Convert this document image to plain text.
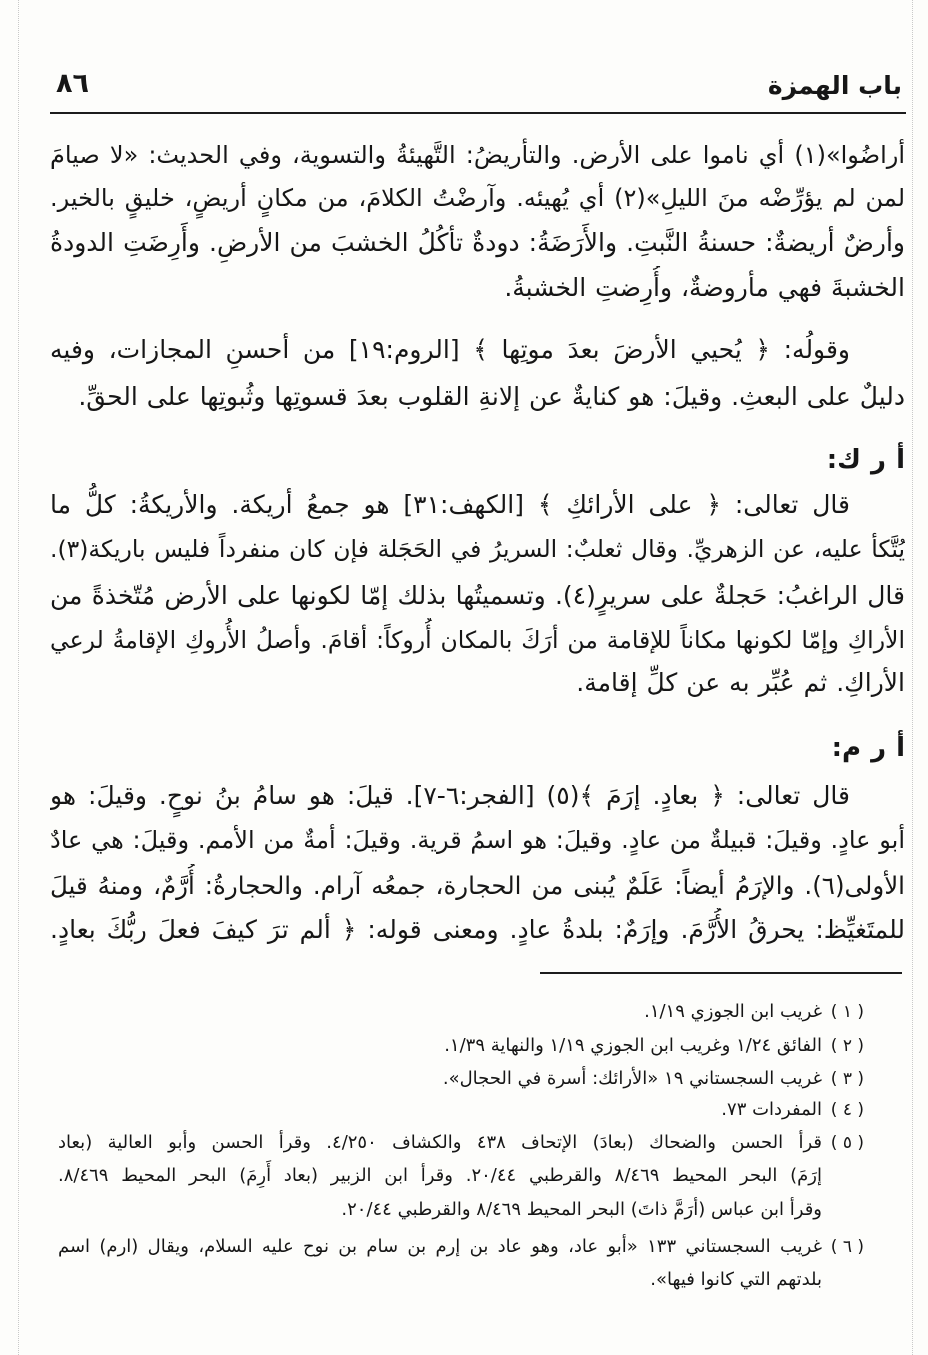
باب الهمزة
٨٦
أراضُوا»(١) أي ناموا على الأرض. والتأريضُ: التَّهيئةُ والتسوية، وفي الحديث: «لا صيامَ
لمن لم يؤرِّضْه منَ الليلِ»(٢) أي يُهيئه. وآرضْتُ الكلامَ، من مكانٍ أريضٍ، خليقٍ بالخير.
وأرضٌ أريضةٌ: حسنةُ النَّبتِ. والأَرَضَةُ: دودةٌ تأكُلُ الخشبَ من الأرضِ. وأَرِضَتِ الدودةُ
الخشبةَ فهي مأروضةٌ، وأُرِضتِ الخشبةُ.
وقولُه: ﴿ يُحيي الأرضَ بعدَ موتِها ﴾ [الروم:١٩] من أحسنِ المجازات، وفيه
دليلٌ على البعثِ. وقيلَ: هو كنايةٌ عن إلانةِ القلوب بعدَ قسوتِها وثُبوتِها على الحقِّ.
أ ر ك:
قال تعالى: ﴿ على الأرائكِ ﴾ [الكهف:٣١] هو جمعُ أريكة. والأريكةُ: كلُّ ما
يُتَّكأ عليه، عن الزهريِّ. وقال ثعلبٌ: السريرُ في الحَجَلة فإن كان منفرداً فليس باريكة(٣).
قال الراغبُ: حَجلةٌ على سريرٍ(٤). وتسميتُها بذلك إمّا لكونها على الأرض مُتّخذةً من
الأراكِ وإمّا لكونها مكاناً للإقامة من أرَكَ بالمكان أُروكاً: أقامَ. وأصلُ الأُروكِ الإقامةُ لرعي
الأراكِ. ثم عُبِّر به عن كلِّ إقامة.
أ ر م:
قال تعالى: ﴿ بعادٍ. إرَمَ ﴾(٥) [الفجر:٦-٧]. قيلَ: هو سامُ بنُ نوحٍ. وقيلَ: هو
أبو عادٍ. وقيلَ: قبيلةٌ من عادٍ. وقيلَ: هو اسمُ قرية. وقيلَ: أمةٌ من الأمم. وقيلَ: هي عادٌ
الأولى(٦). والإرَمُ أيضاً: عَلَمٌ يُبنى من الحجارة، جمعُه آرام. والحجارةُ: أُرَّمٌ، ومنهُ قيلَ
للمتَغيِّظ: يحرقُ الأُرَّمَ. وإرَمٌ: بلدةُ عادٍ. ومعنى قوله: ﴿ ألم ترَ كيفَ فعلَ ربُّكَ بعادٍ.
( ١ )
غريب ابن الجوزي ١/١٩.
( ٢ )
الفائق ١/٢٤ وغريب ابن الجوزي ١/١٩ والنهاية ١/٣٩.
( ٣ )
غريب السجستاني ١٩ «الأرائك: أسرة في الحجال».
( ٤ )
المفردات ٧٣.
( ٥ )
قرأ الحسن والضحاك (بعادَ) الإتحاف ٤٣٨ والكشاف ٤/٢٥٠. وقرأ الحسن وأبو العالية (بعاد
إرَمَ) البحر المحيط ٨/٤٦٩ والقرطبي ٢٠/٤٤. وقرأ ابن الزبير (بعاد أَرِمَ) البحر المحيط ٨/٤٦٩.
وقرأ ابن عباس (أرَمَّ ذاتَ) البحر المحيط ٨/٤٦٩ والقرطبي ٢٠/٤٤.
( ٦ )
غريب السجستاني ١٣٣ «أبو عاد، وهو عاد بن إرم بن سام بن نوح عليه السلام، ويقال (ارم) اسم
بلدتهم التي كانوا فيها».
